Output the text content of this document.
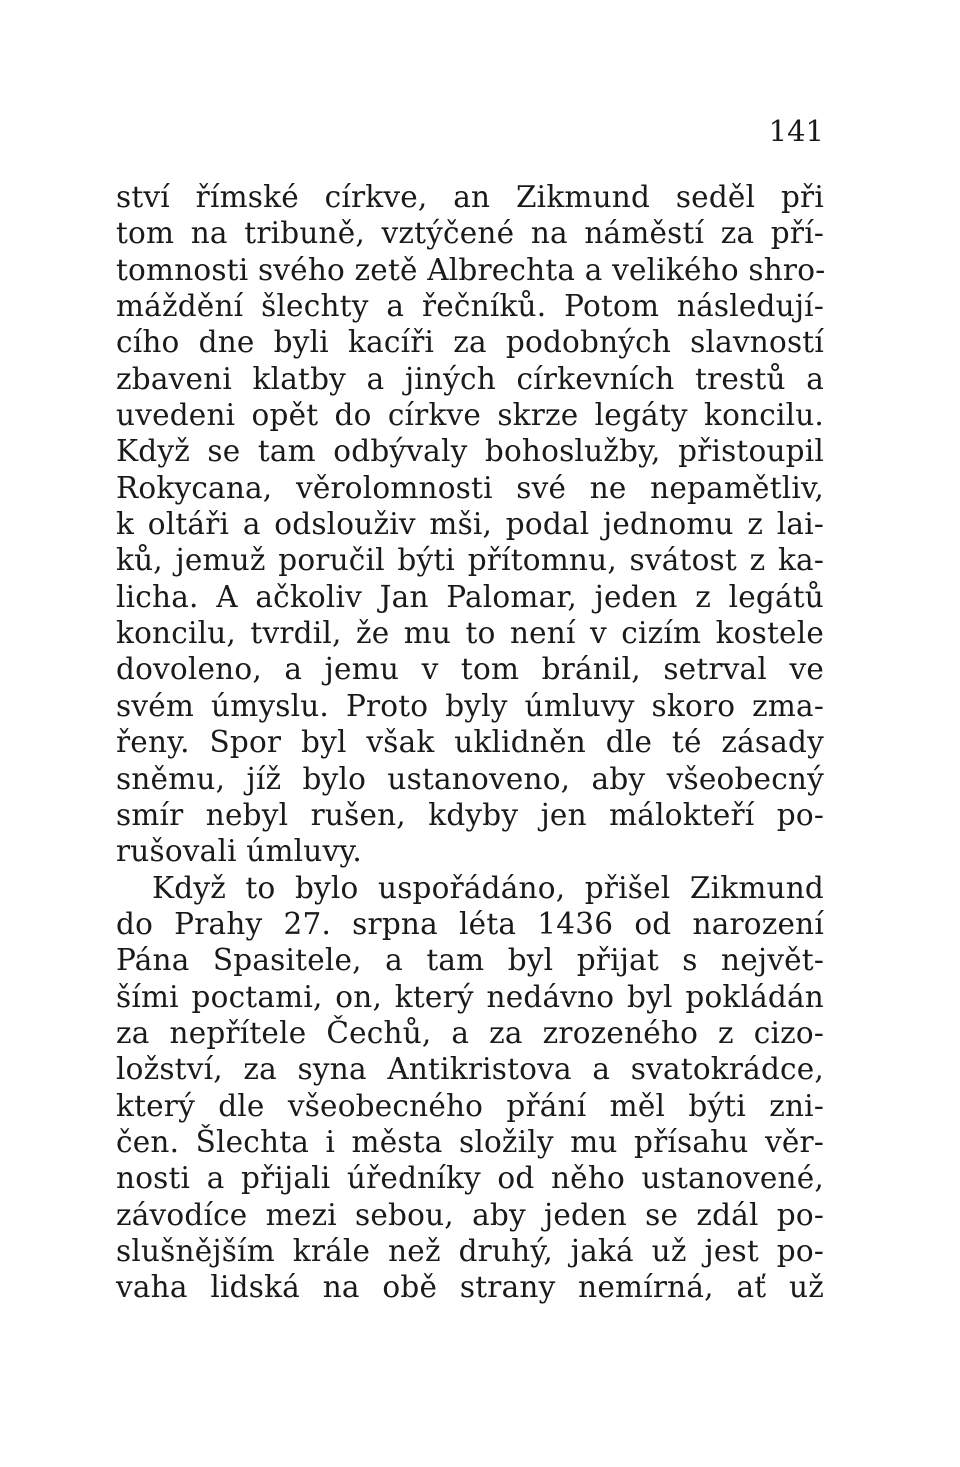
141
ství římské církve, an Zikmund seděl při
tom na tribuně, vztýčené na náměstí za pří-
tomnosti svého zetě Albrechta a velikého shro-
máždění šlechty a řečníků. Potom následují-
cího dne byli kacíři za podobných slavností
zbaveni klatby a jiných církevních trestů a
uvedeni opět do církve skrze legáty koncilu.
Když se tam odbývaly bohoslužby, přistoupil
Rokycana, věrolomnosti své ne nepamětliv,
k oltáři a odslouživ mši, podal jednomu z lai-
ků, jemuž poručil býti přítomnu, svátost z ka-
licha. A ačkoliv Jan Palomar, jeden z legátů
koncilu, tvrdil, že mu to není v cizím kostele
dovoleno, a jemu v tom bránil, setrval ve
svém úmyslu. Proto byly úmluvy skoro zma-
řeny. Spor byl však uklidněn dle té zásady
sněmu, jíž bylo ustanoveno, aby všeobecný
smír nebyl rušen, kdyby jen málokteří po-
rušovali úmluvy.
Když to bylo uspořádáno, přišel Zikmund
do Prahy 27. srpna léta 1436 od narození
Pána Spasitele, a tam byl přijat s největ-
šími poctami, on, který nedávno byl pokládán
za nepřítele Čechů, a za zrozeného z cizo-
ložství, za syna Antikristova a svatokrádce,
který dle všeobecného přání měl býti zni-
čen. Šlechta i města složily mu přísahu věr-
nosti a přijali úředníky od něho ustanovené,
závodíce mezi sebou, aby jeden se zdál po-
slušnějším krále než druhý, jaká už jest po-
vaha lidská na obě strany nemírná, ať už
